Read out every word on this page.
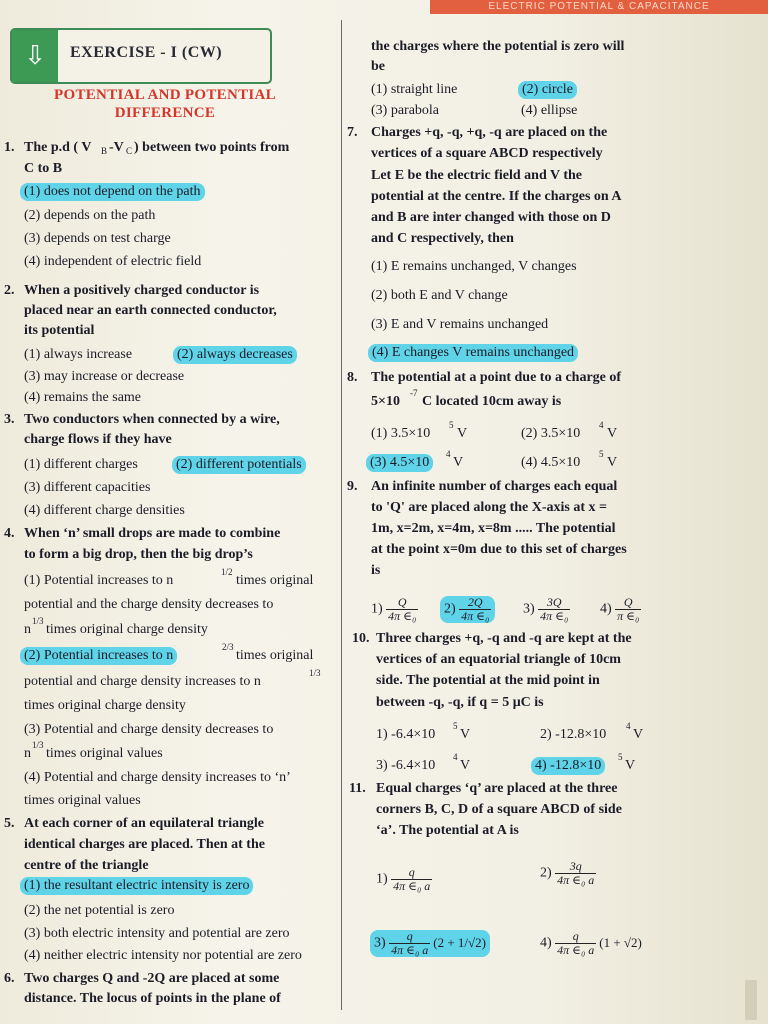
ELECTRIC POTENTIAL & CAPACITANCE
⇩	EXERCISE - I (CW)
POTENTIAL AND POTENTIAL
DIFFERENCE
1. The p.d ( V B -V C ) between two points from
C to B
(1) does not depend on the path
(2) depends on the path
(3) depends on test charge
(4) independent of electric field
2. When a positively charged conductor is
placed near an earth connected conductor,
its potential
(1) always increase	(2) always decreases
(3) may increase or decrease
(4) remains the same
3. Two conductors when connected by a wire,
charge flows if they have
(1) different charges	(2) different potentials
(3) different capacities
(4) different charge densities
4. When ‘n’ small drops are made to combine
to form a big drop, then the big drop’s
(1) Potential increases to n
1/2
times original
potential and the charge density decreases to
n
1/3
times original charge density
(2) Potential increases to n
2/3
times original
potential and charge density increases to n
1/3
times original charge density
(3) Potential and charge density decreases to
n
1/3
times original values
(4) Potential and charge density increases to ‘n’
times original values
5. At each corner of an equilateral triangle
identical charges are placed. Then at the
centre of the triangle
(1) the resultant electric intensity is zero
(2) the net potential is zero
(3) both electric intensity and potential are zero
(4) neither electric intensity nor potential are zero
6. Two charges Q and -2Q are placed at some
distance. The locus of points in the plane of
the charges where the potential is zero will
be
(1) straight line	(2) circle
(3) parabola	(4) ellipse
7. Charges +q, -q, +q, -q are placed on the
vertices of a square ABCD respectively
Let E be the electric field and V the
potential at the centre. If the charges on A
and B are inter changed with those on D
and C respectively, then
(1) E remains unchanged, V changes
(2) both E and V change
(3) E and V remains unchanged
(4) E changes V remains unchanged
8. The potential at a point due to a charge of
5×10
-7
C located 10cm away is
(1) 3.5×10
5
V	(2) 3.5×10
4
V
(3) 4.5×10
4
V	(4) 4.5×10
5
V
9. An infinite number of charges each equal
to 'Q' are placed along the X-axis at x =
1m, x=2m, x=4m, x=8m ..... The potential
at the point x=0m due to this set of charges
is
10. Three charges +q, -q and -q are kept at the
vertices of an equatorial triangle of 10cm
side. The potential at the mid point in
between -q, -q, if q = 5 μC is
1) -6.4×10
5
V	2) -12.8×10
4
V
3) -6.4×10
4
V	4) -12.8×10
5
V
11. Equal charges ‘q’ are placed at the three
corners B, C, D of a square ABCD of side
‘a’. The potential at A is
$1) \frac{Q}{\text{4π ∈₀}} 2) \frac{2Q}{\text{4π ∈₀}} 3) \frac{3Q}{\text{4π ∈₀}} 4) \frac{Q}{\text{π ∈₀}}$
$1) \frac{q}{\text{4π ∈₀ a}}$	$2) \frac{3q}{\text{4π ∈₀ a}}$
$3) \frac{q}{\text{4π ∈₀ a}} (2 + 1/√2)$	$4) \frac{q}{\text{4π ∈₀ a}} (1 + √2)$
